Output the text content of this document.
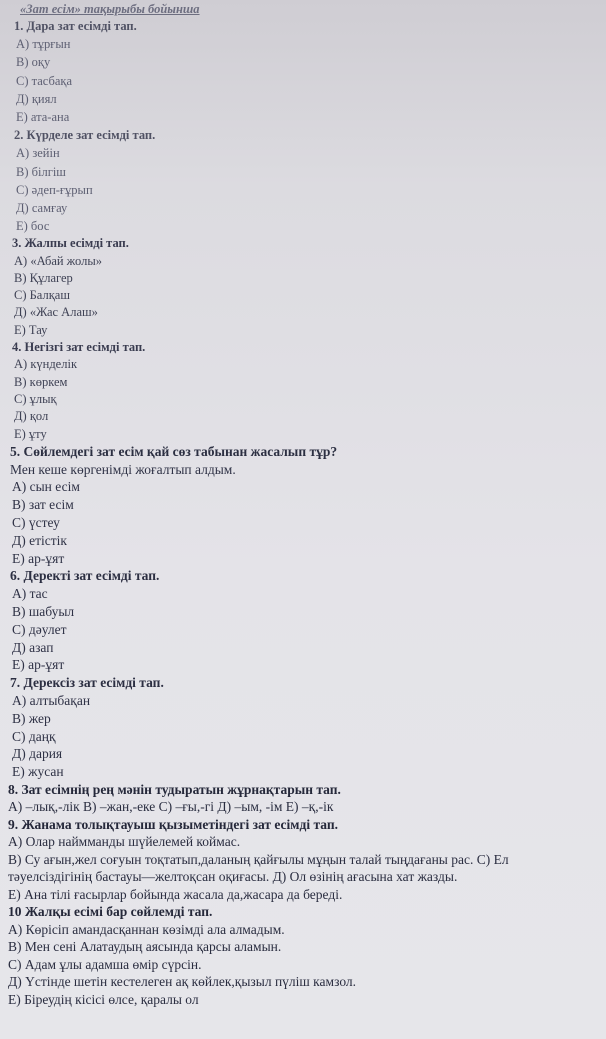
«Зат есім» тақырыбы бойынша
1. Дара зат есімді тап.
А) тұрғын
В) оқу
С) тасбақа
Д) қиял
Е) ата-ана
2. Күрделе зат есімді тап.
А) зейін
В) білгіш
С) әдеп-ғұрып
Д) самғау
Е) бос
3. Жалпы есімді тап.
А) «Абай жолы»
В) Құлагер
С) Балқаш
Д) «Жас Алаш»
Е) Тау
4. Негізгі зат есімді тап.
А) күнделік
В) көркем
С) ұлық
Д) қол
Е) ұту
5. Сөйлемдегі зат есім қай сөз табынан жасалып тұр?
Мен кеше көргенімді жоғалтып алдым.
А) сын есім
В) зат есім
С) үстеу
Д) етістік
Е) ар-ұят
6. Деректі зат есімді тап.
А) тас
В) шабуыл
С) дәулет
Д) азап
Е) ар-ұят
7. Дерексіз зат есімді тап.
А) алтыбақан
В) жер
С) даңқ
Д) дария
Е) жусан
8. Зат есімнің рең мәнін тудыратын жұрнақтарын тап.
А) –лық,-лік В) –жан,-еке С) –ғы,-гі Д) –ым, -ім Е) –қ,-ік
9. Жанама толықтауыш қызыметіндегі зат есімді тап.
А) Олар наймманды шүйелемей коймас.
В) Су ағын,жел соғуын тоқтатып,даланың қайғылы мұңын талай тыңдағаны рас. С) Ел
тәуелсіздігінің бастауы—желтоқсан оқиғасы. Д) Ол өзінің ағасына хат жазды.
Е) Ана тілі ғасырлар бойында жасала да,жасара да береді.
10 Жалқы есімі бар сөйлемді тап.
А) Көрісіп амандасқаннан көзімді ала алмадым.
В) Мен сені Алатаудың аясында қарсы аламын.
С) Адам ұлы адамша өмір сүрсін.
Д) Үстінде шетін кестелеген ақ көйлек,қызыл пүліш камзол.
Е) Біреудің кісісі өлсе, қаралы ол
